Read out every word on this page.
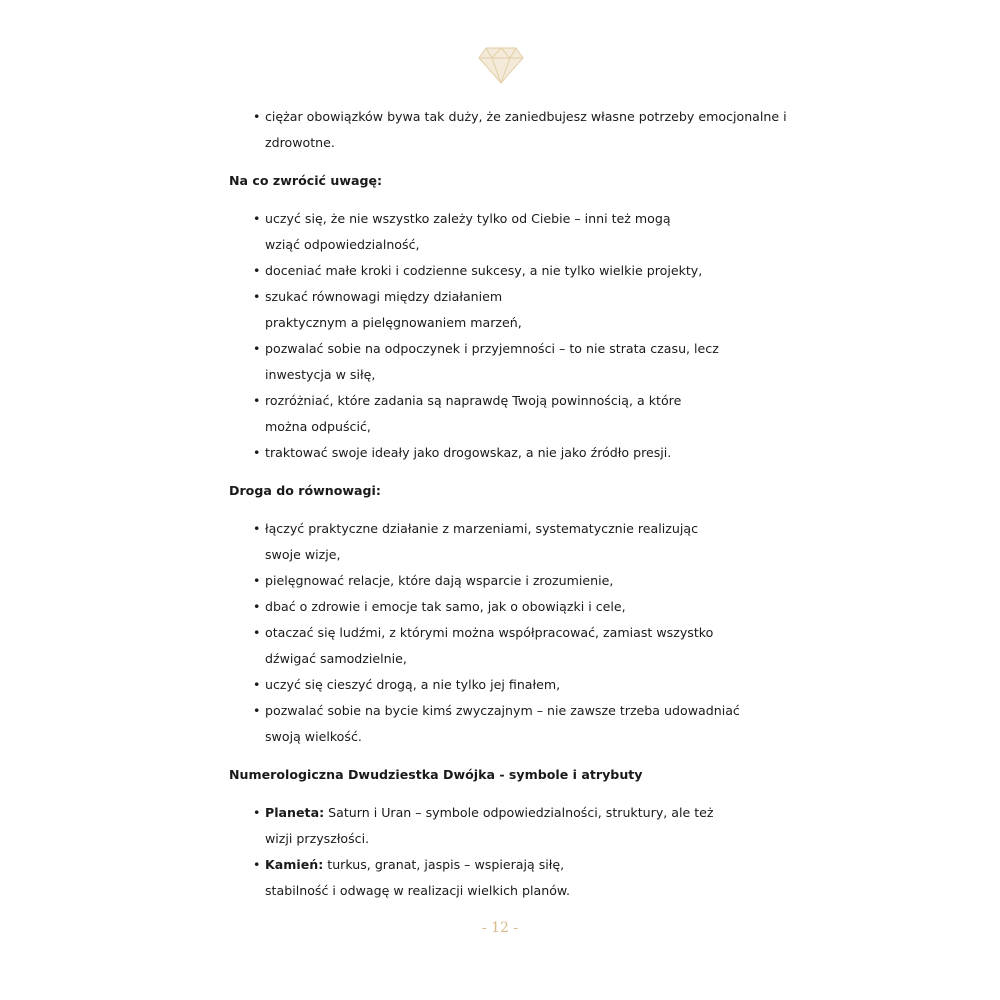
• ciężar obowiązków bywa tak duży, że zaniedbujesz własne potrzeby emocjonalne i zdrowotne.
Na co zwrócić uwagę:
• uczyć się, że nie wszystko zależy tylko od Ciebie – inni też mogą
wziąć odpowiedzialność,
• doceniać małe kroki i codzienne sukcesy, a nie tylko wielkie projekty,
• szukać równowagi między działaniem
praktycznym a pielęgnowaniem marzeń,
• pozwalać sobie na odpoczynek i przyjemności – to nie strata czasu, lecz
inwestycja w siłę,
• rozróżniać, które zadania są naprawdę Twoją powinnością, a które
można odpuścić,
• traktować swoje ideały jako drogowskaz, a nie jako źródło presji.
Droga do równowagi:
• łączyć praktyczne działanie z marzeniami, systematycznie realizując
swoje wizje,
• pielęgnować relacje, które dają wsparcie i zrozumienie,
• dbać o zdrowie i emocje tak samo, jak o obowiązki i cele,
• otaczać się ludźmi, z którymi można współpracować, zamiast wszystko
dźwigać samodzielnie,
• uczyć się cieszyć drogą, a nie tylko jej finałem,
• pozwalać sobie na bycie kimś zwyczajnym – nie zawsze trzeba udowadniać
swoją wielkość.
Numerologiczna Dwudziestka Dwójka - symbole i atrybuty
• Planeta: Saturn i Uran – symbole odpowiedzialności, struktury, ale też
wizji przyszłości.
• Kamień: turkus, granat, jaspis – wspierają siłę,
stabilność i odwagę w realizacji wielkich planów.
- 12 -
